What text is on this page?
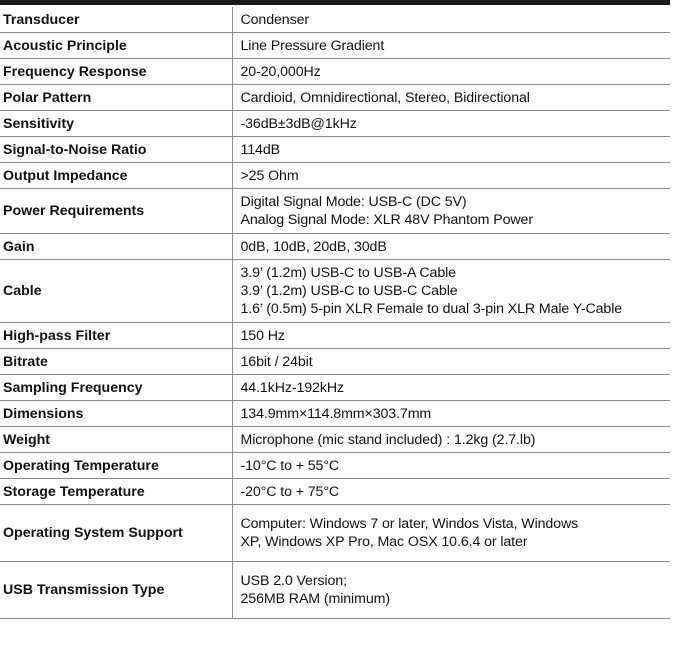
Transducer	Condenser

Acoustic Principle	Line Pressure Gradient

Frequency Response	20-20,000Hz

Polar Pattern	Cardioid, Omnidirectional, Stereo, Bidirectional

Sensitivity	-36dB±3dB@1kHz

Signal-to-Noise Ratio	114dB

Output Impedance	>25 Ohm

Power Requirements	Digital Signal Mode: USB-C (DC 5V)
Analog Signal Mode: XLR 48V Phantom Power

Gain	0dB, 10dB, 20dB, 30dB

Cable	3.9’ (1.2m) USB-C to USB-A Cable
3.9’ (1.2m) USB-C to USB-C Cable
1.6’ (0.5m) 5-pin XLR Female to dual 3-pin XLR Male Y-Cable

High-pass Filter	150 Hz

Bitrate	16bit / 24bit

Sampling Frequency	44.1kHz-192kHz

Dimensions	134.9mm×114.8mm×303.7mm

Weight	Microphone (mic stand included) : 1.2kg (2.7.lb)

Operating Temperature	-10°C to + 55°C

Storage Temperature	-20°C to + 75°C

Operating System Support	Computer: Windows 7 or later, Windos Vista, Windows
XP, Windows XP Pro, Mac OSX 10.6.4 or later

USB Transmission Type	USB 2.0 Version;
256MB RAM (minimum)
